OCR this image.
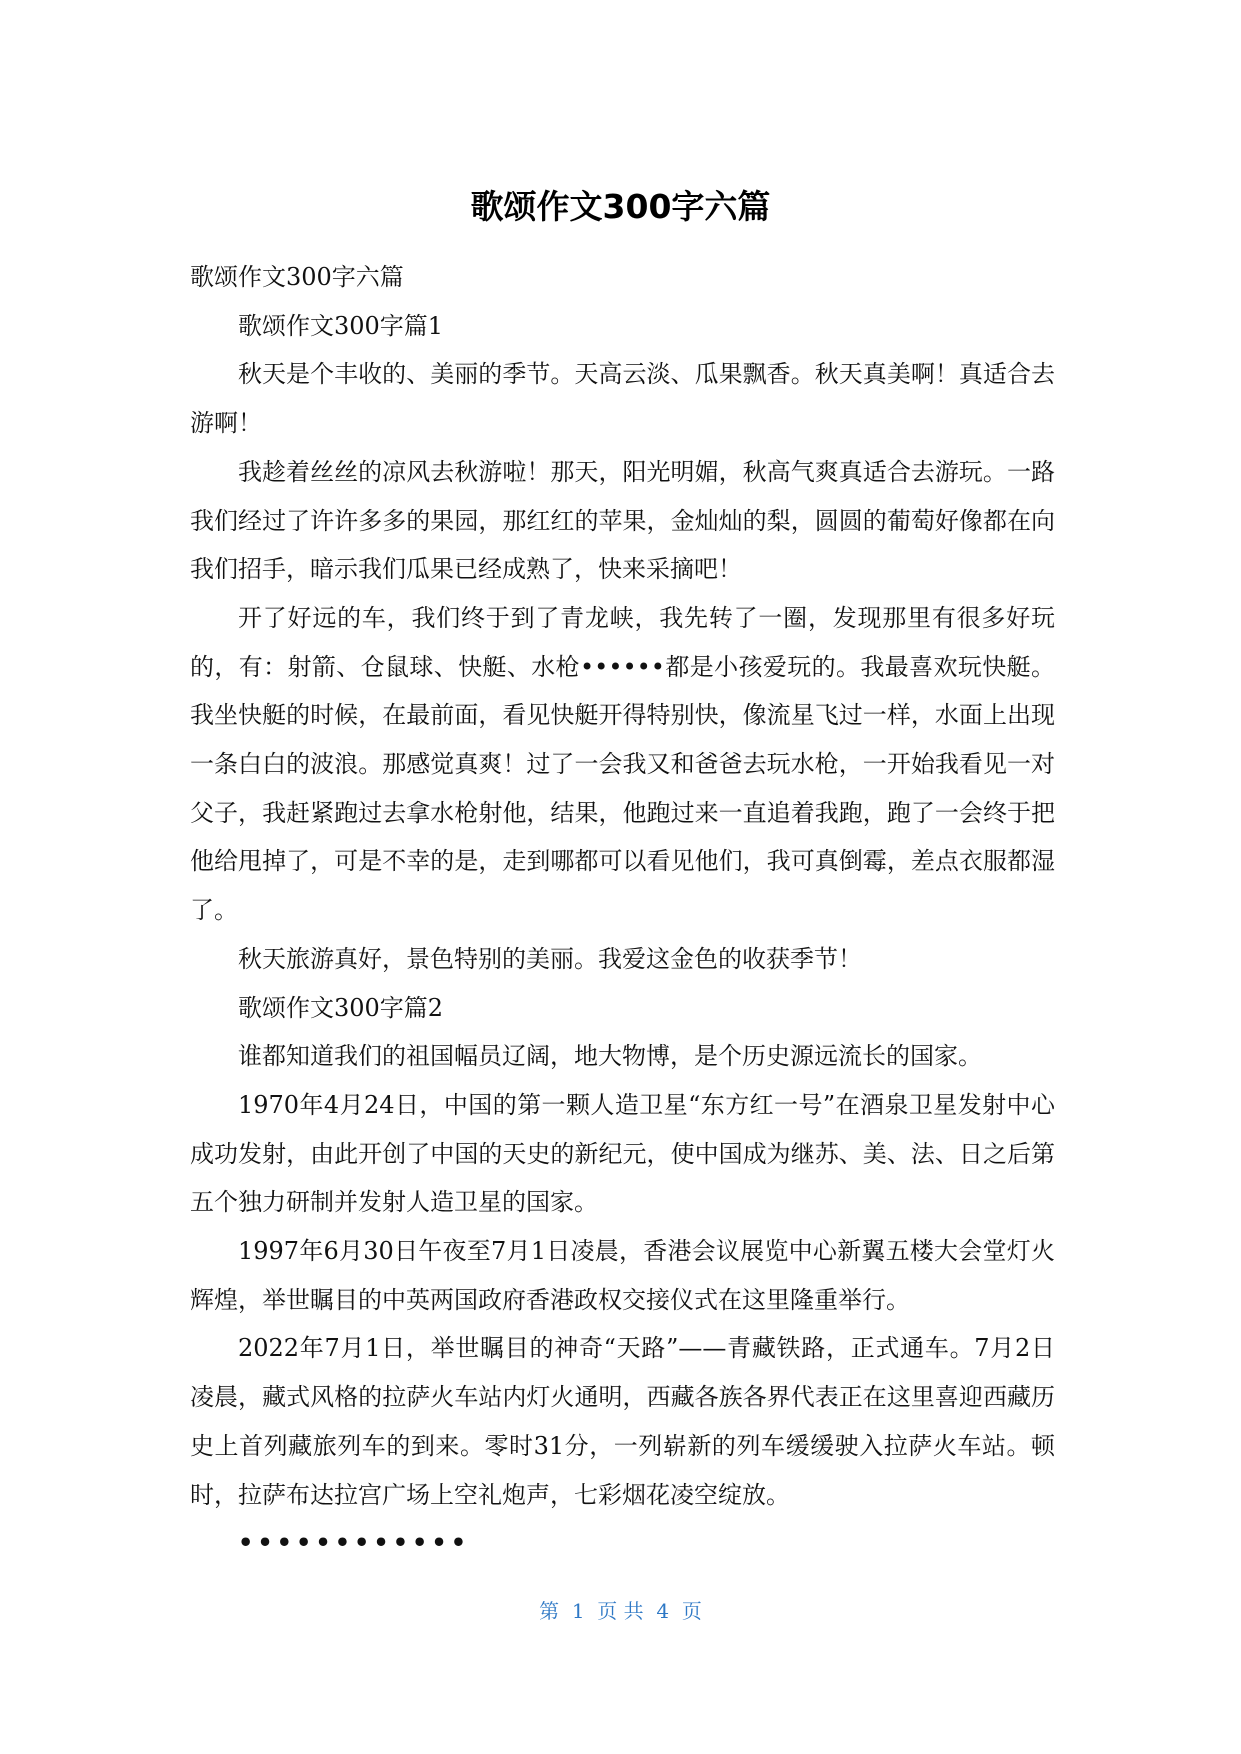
歌颂作文300字六篇

歌颂作文300字六篇

歌颂作文300字篇1

秋天是个丰收的、美丽的季节。天高云淡、瓜果飘香。秋天真美啊！真适合去游啊！

我趁着丝丝的凉风去秋游啦！那天，阳光明媚，秋高气爽真适合去游玩。一路我们经过了许许多多的果园，那红红的苹果，金灿灿的梨，圆圆的葡萄好像都在向我们招手，暗示我们瓜果已经成熟了，快来采摘吧！

开了好远的车，我们终于到了青龙峡，我先转了一圈，发现那里有很多好玩的，有：射箭、仓鼠球、快艇、水枪••••••都是小孩爱玩的。我最喜欢玩快艇。我坐快艇的时候，在最前面，看见快艇开得特别快，像流星飞过一样，水面上出现一条白白的波浪。那感觉真爽！过了一会我又和爸爸去玩水枪，一开始我看见一对父子，我赶紧跑过去拿水枪射他，结果，他跑过来一直追着我跑，跑了一会终于把他给甩掉了，可是不幸的是，走到哪都可以看见他们，我可真倒霉，差点衣服都湿了。

秋天旅游真好，景色特别的美丽。我爱这金色的收获季节！

歌颂作文300字篇2

谁都知道我们的祖国幅员辽阔，地大物博，是个历史源远流长的国家。

1970年4月24日，中国的第一颗人造卫星“东方红一号”在酒泉卫星发射中心成功发射，由此开创了中国的天史的新纪元，使中国成为继苏、美、法、日之后第五个独力研制并发射人造卫星的国家。

1997年6月30日午夜至7月1日凌晨，香港会议展览中心新翼五楼大会堂灯火辉煌，举世瞩目的中英两国政府香港政权交接仪式在这里隆重举行。

2022年7月1日，举世瞩目的神奇“天路”——青藏铁路，正式通车。7月2日凌晨，藏式风格的拉萨火车站内灯火通明，西藏各族各界代表正在这里喜迎西藏历史上首列藏旅列车的到来。零时31分，一列崭新的列车缓缓驶入拉萨火车站。顿时，拉萨布达拉宫广场上空礼炮声，七彩烟花凌空绽放。

••••••••••••

第  1  页 共  4  页
